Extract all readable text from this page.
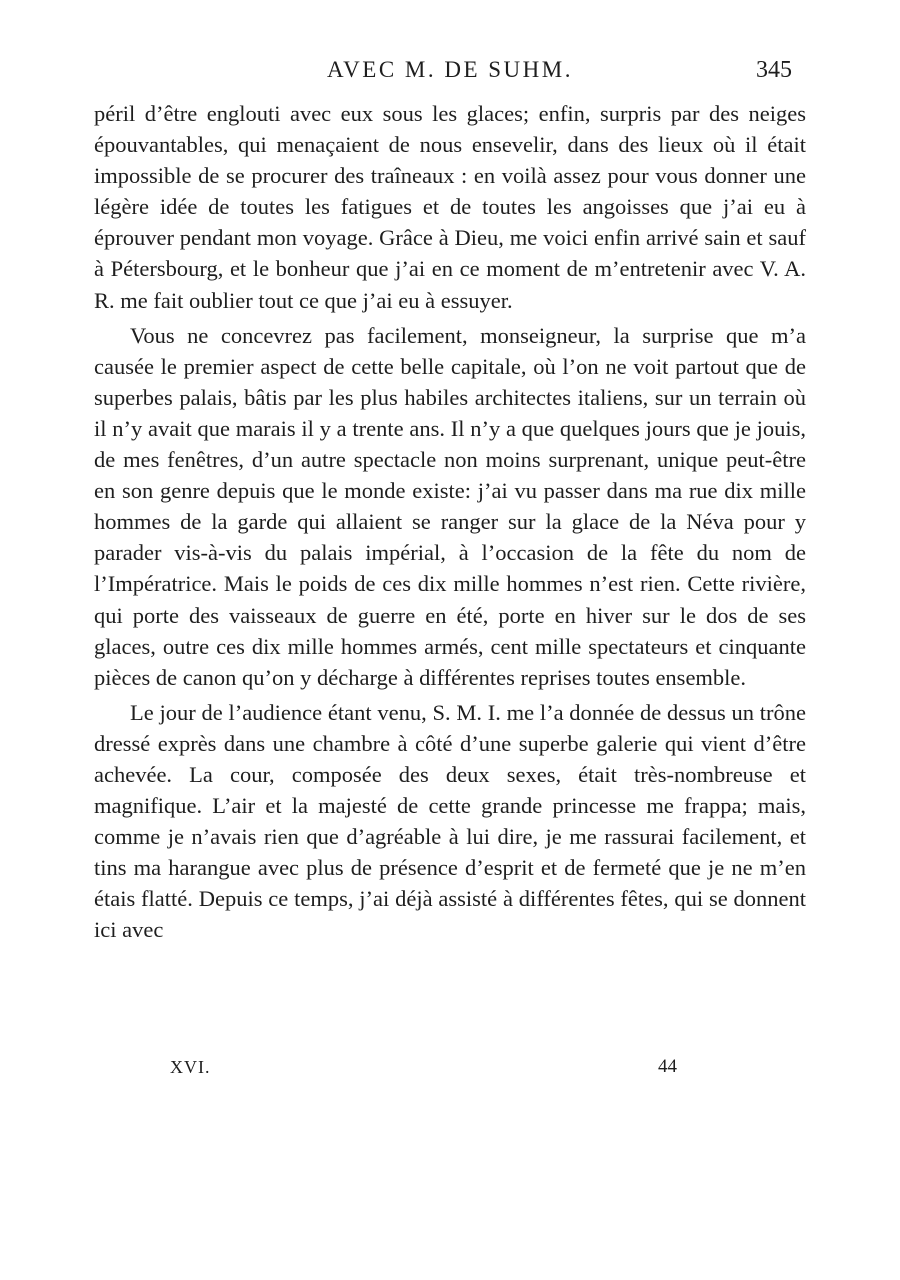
AVEC M. DE SUHM.	345

péril d’être englouti avec eux sous les glaces; enfin, surpris par des neiges épouvantables, qui menaçaient de nous ensevelir, dans des lieux où il était impossible de se procurer des traîneaux : en voilà assez pour vous donner une légère idée de toutes les fatigues et de toutes les angoisses que j’ai eu à éprouver pendant mon voyage. Grâce à Dieu, me voici enfin arrivé sain et sauf à Pétersbourg, et le bonheur que j’ai en ce moment de m’entretenir avec V. A. R. me fait oublier tout ce que j’ai eu à essuyer.

Vous ne concevrez pas facilement, monseigneur, la surprise que m’a causée le premier aspect de cette belle capitale, où l’on ne voit partout que de superbes palais, bâtis par les plus habiles architectes italiens, sur un terrain où il n’y avait que marais il y a trente ans. Il n’y a que quelques jours que je jouis, de mes fenêtres, d’un autre spectacle non moins surprenant, unique peut-être en son genre depuis que le monde existe: j’ai vu passer dans ma rue dix mille hommes de la garde qui allaient se ranger sur la glace de la Néva pour y parader vis-à-vis du palais impérial, à l’occasion de la fête du nom de l’Impératrice. Mais le poids de ces dix mille hommes n’est rien. Cette rivière, qui porte des vaisseaux de guerre en été, porte en hiver sur le dos de ses glaces, outre ces dix mille hommes armés, cent mille spectateurs et cinquante pièces de canon qu’on y décharge à différentes reprises toutes ensemble.

Le jour de l’audience étant venu, S. M. I. me l’a donnée de dessus un trône dressé exprès dans une chambre à côté d’une superbe galerie qui vient d’être achevée. La cour, composée des deux sexes, était très-nombreuse et magnifique. L’air et la majesté de cette grande princesse me frappa; mais, comme je n’avais rien que d’agréable à lui dire, je me rassurai facilement, et tins ma harangue avec plus de présence d’esprit et de fermeté que je ne m’en étais flatté. Depuis ce temps, j’ai déjà assisté à différentes fêtes, qui se donnent ici avec

XVI.	44
